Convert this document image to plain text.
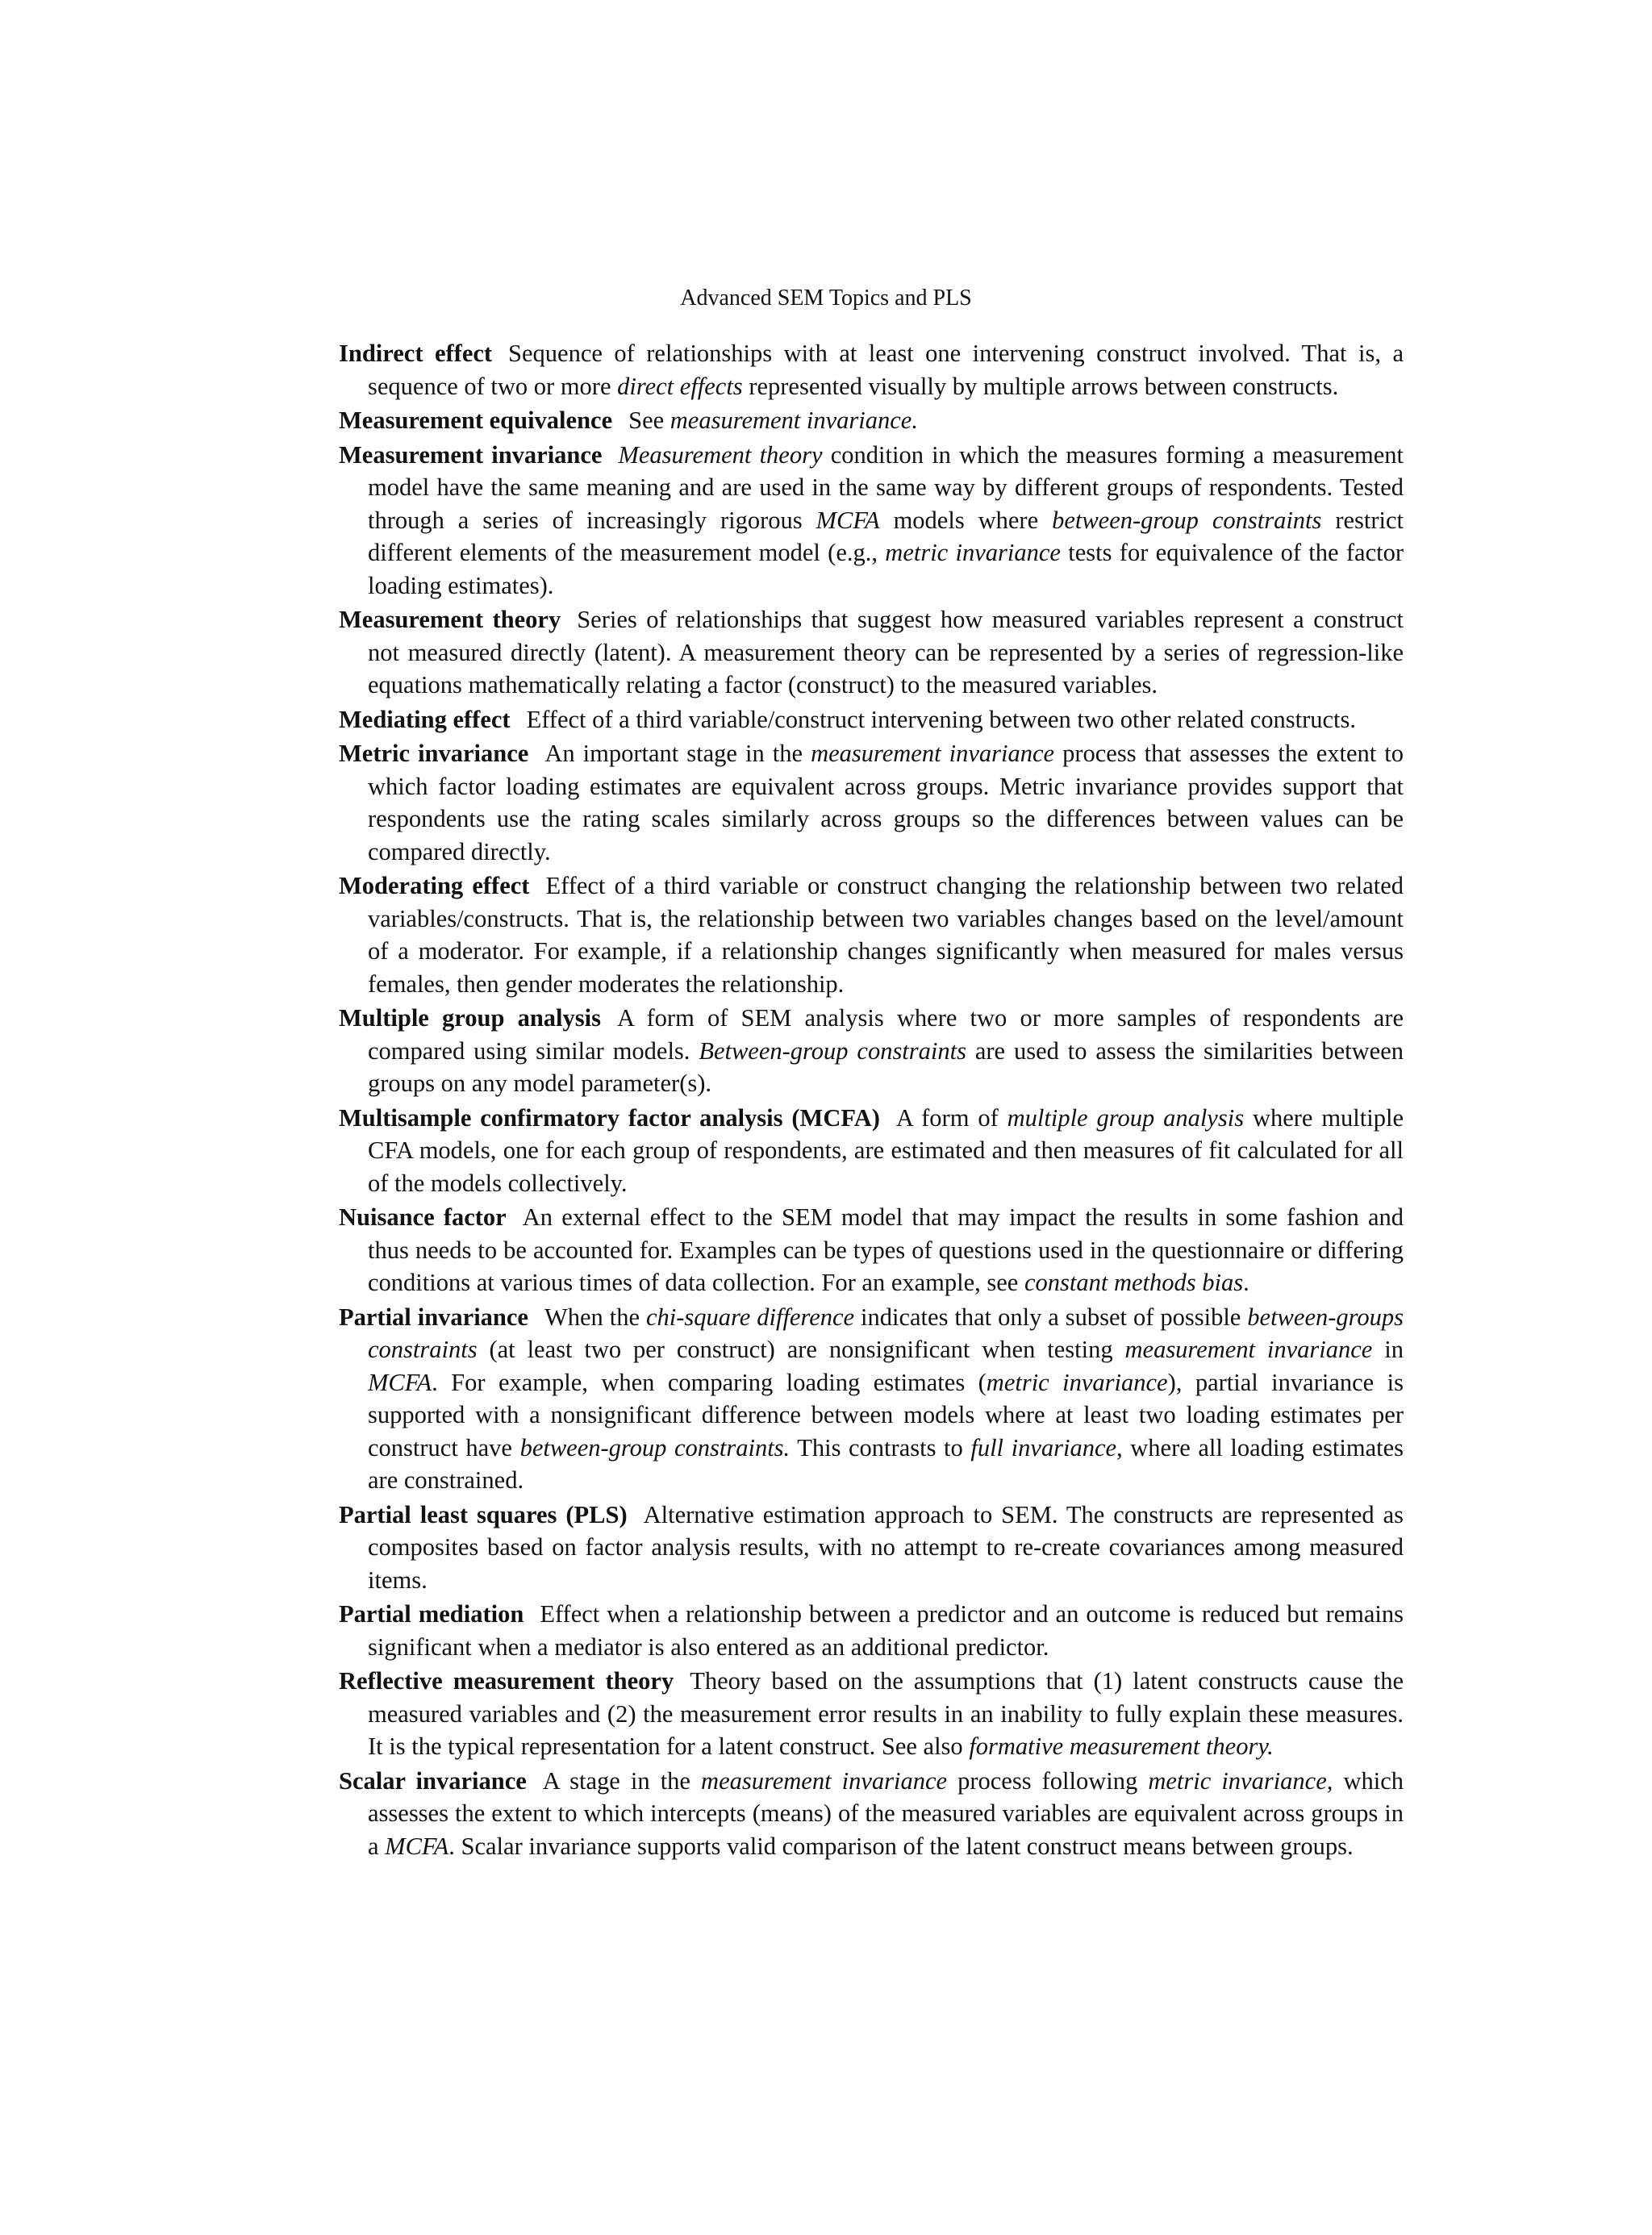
Advanced SEM Topics and PLS
Indirect effect Sequence of relationships with at least one intervening construct involved. That is, a sequence of two or more direct effects represented visually by multiple arrows between constructs.
Measurement equivalence See measurement invariance.
Measurement invariance Measurement theory condition in which the measures forming a measurement model have the same meaning and are used in the same way by different groups of respondents. Tested through a series of increasingly rigorous MCFA models where between-group constraints restrict different elements of the measurement model (e.g., metric invariance tests for equivalence of the factor loading estimates).
Measurement theory Series of relationships that suggest how measured variables represent a construct not measured directly (latent). A measurement theory can be represented by a series of regression-like equations mathematically relating a factor (construct) to the measured variables.
Mediating effect Effect of a third variable/construct intervening between two other related constructs.
Metric invariance An important stage in the measurement invariance process that assesses the extent to which factor loading estimates are equivalent across groups. Metric invariance provides support that respondents use the rating scales similarly across groups so the differences between values can be compared directly.
Moderating effect Effect of a third variable or construct changing the relationship between two related variables/constructs. That is, the relationship between two variables changes based on the level/amount of a moderator. For example, if a relationship changes significantly when measured for males versus females, then gender moderates the relationship.
Multiple group analysis A form of SEM analysis where two or more samples of respondents are compared using similar models. Between-group constraints are used to assess the similarities between groups on any model parameter(s).
Multisample confirmatory factor analysis (MCFA) A form of multiple group analysis where multiple CFA models, one for each group of respondents, are estimated and then measures of fit calculated for all of the models collectively.
Nuisance factor An external effect to the SEM model that may impact the results in some fashion and thus needs to be accounted for. Examples can be types of questions used in the questionnaire or differing conditions at various times of data collection. For an example, see constant methods bias.
Partial invariance When the chi-square difference indicates that only a subset of possible between-groups constraints (at least two per construct) are nonsignificant when testing measurement invariance in MCFA. For example, when comparing loading estimates (metric invariance), partial invariance is supported with a nonsignificant difference between models where at least two loading estimates per construct have between-group constraints. This contrasts to full invariance, where all loading estimates are constrained.
Partial least squares (PLS) Alternative estimation approach to SEM. The constructs are represented as composites based on factor analysis results, with no attempt to re-create covariances among measured items.
Partial mediation Effect when a relationship between a predictor and an outcome is reduced but remains significant when a mediator is also entered as an additional predictor.
Reflective measurement theory Theory based on the assumptions that (1) latent constructs cause the measured variables and (2) the measurement error results in an inability to fully explain these measures. It is the typical representation for a latent construct. See also formative measurement theory.
Scalar invariance A stage in the measurement invariance process following metric invariance, which assesses the extent to which intercepts (means) of the measured variables are equivalent across groups in a MCFA. Scalar invariance supports valid comparison of the latent construct means between groups.
